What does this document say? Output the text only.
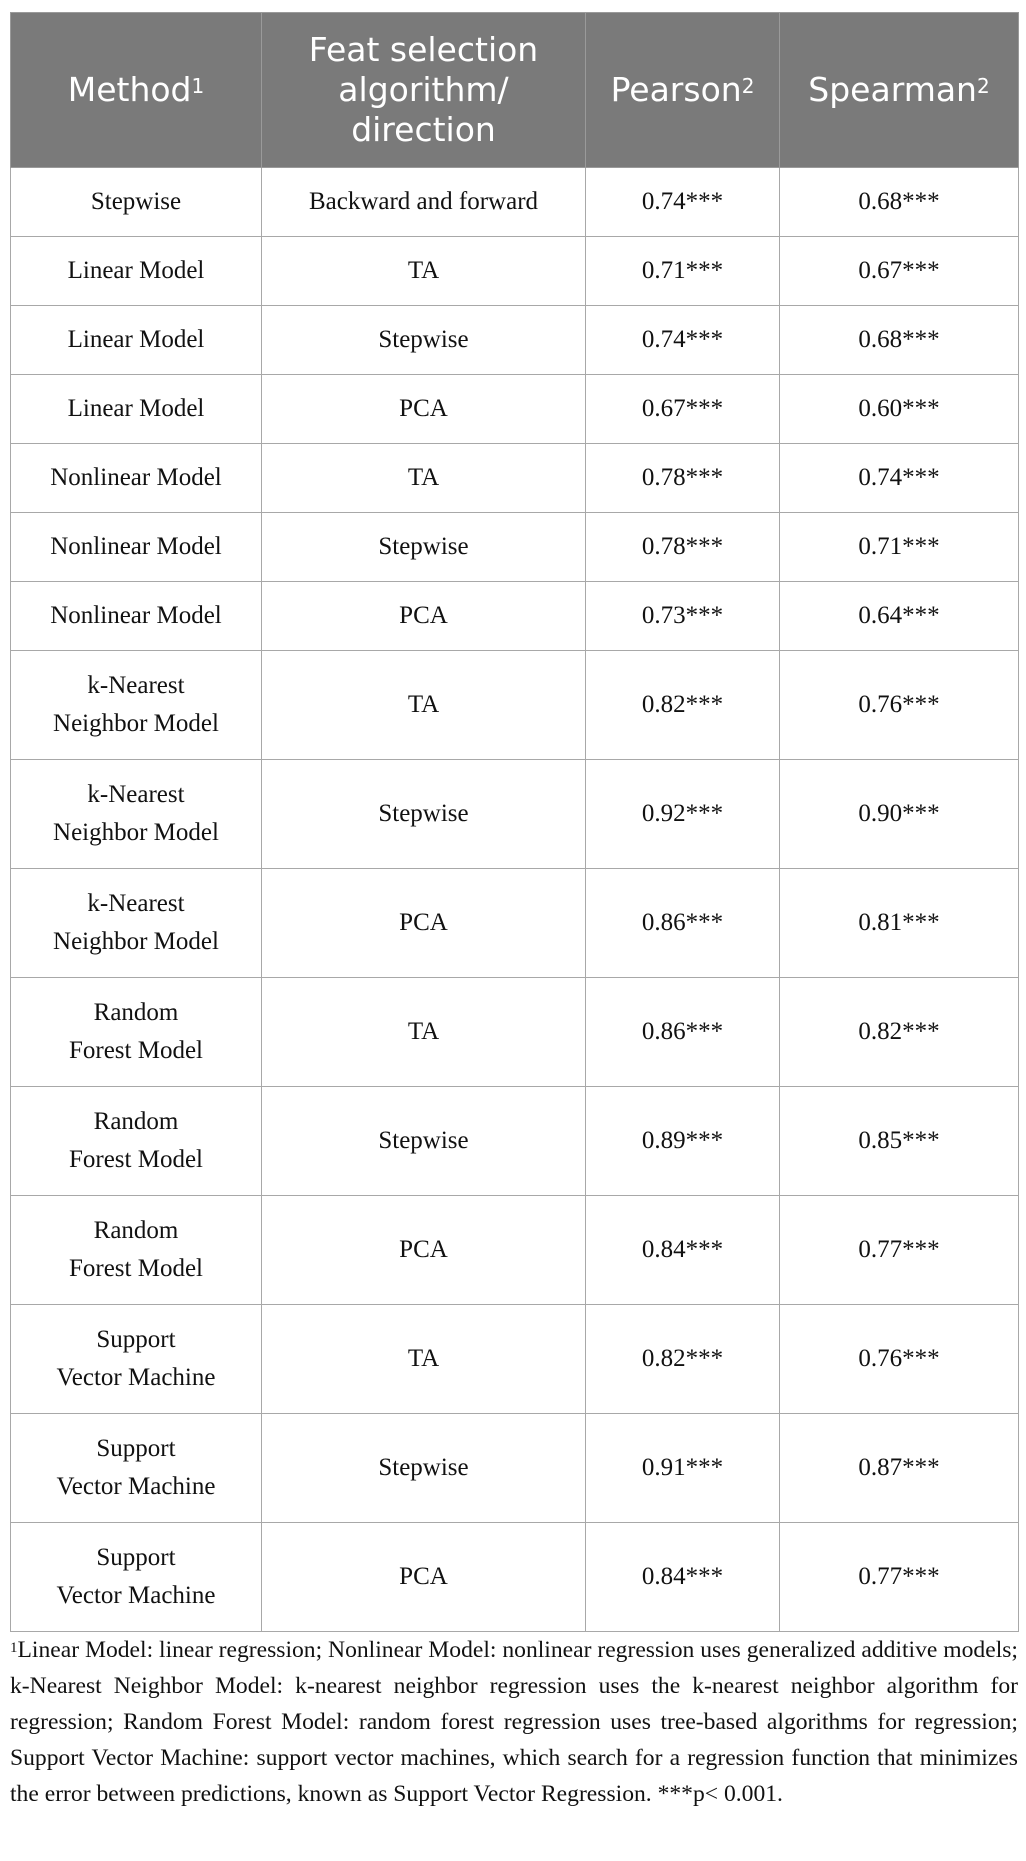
Method$^1$	Feat selection
algorithm/
direction	Pearson$^2$	Spearman$^2$

Stepwise	Backward and forward	0.74***	0.68***

Linear Model	TA	0.71***	0.67***

Linear Model	Stepwise	0.74***	0.68***

Linear Model	PCA	0.67***	0.60***

Nonlinear Model	TA	0.78***	0.74***

Nonlinear Model	Stepwise	0.78***	0.71***

Nonlinear Model	PCA	0.73***	0.64***

k-Nearest
Neighbor Model	TA	0.82***	0.76***

k-Nearest
Neighbor Model	Stepwise	0.92***	0.90***

k-Nearest
Neighbor Model	PCA	0.86***	0.81***

Random
Forest Model	TA	0.86***	0.82***

Random
Forest Model	Stepwise	0.89***	0.85***

Random
Forest Model	PCA	0.84***	0.77***

Support
Vector Machine	TA	0.82***	0.76***

Support
Vector Machine	Stepwise	0.91***	0.87***

Support
Vector Machine	PCA	0.84***	0.77***
$^1$Linear Model: linear regression; Nonlinear Model: nonlinear regression uses generalized additive models; k-Nearest Neighbor Model: k-nearest neighbor regression uses the k-nearest neighbor algorithm for regression; Random Forest Model: random forest regression uses tree-based algorithms for regression; Support Vector Machine: support vector machines, which search for a regression function that minimizes the error between predictions, known as Support Vector Regression. ***p< 0.001.
